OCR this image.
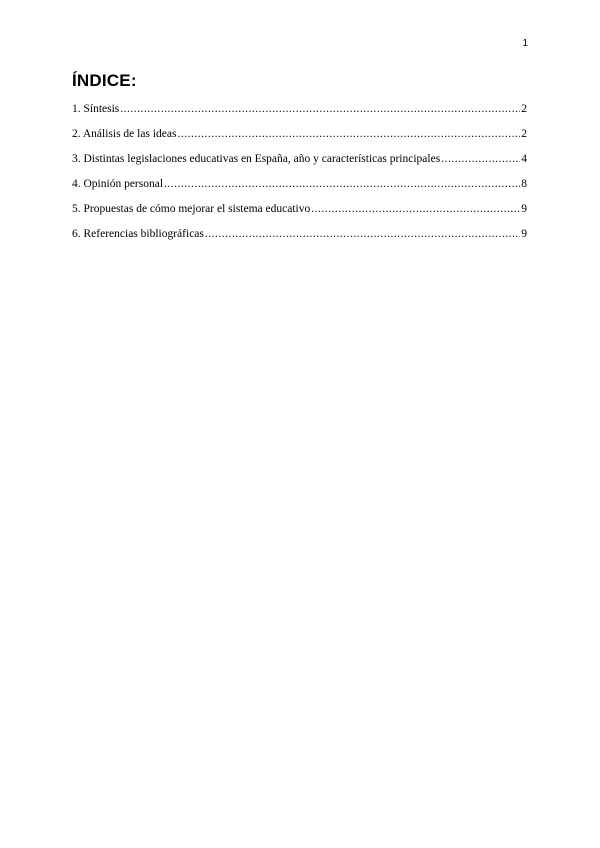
1
ÍNDICE:
1. Síntesis .....	2
2. Análisis de las ideas .....	2
3. Distintas legislaciones educativas en España, año y características principales .....	4
4. Opinión personal .....	8
5. Propuestas de cómo mejorar el sistema educativo .....	9
6. Referencias bibliográficas .....	9
